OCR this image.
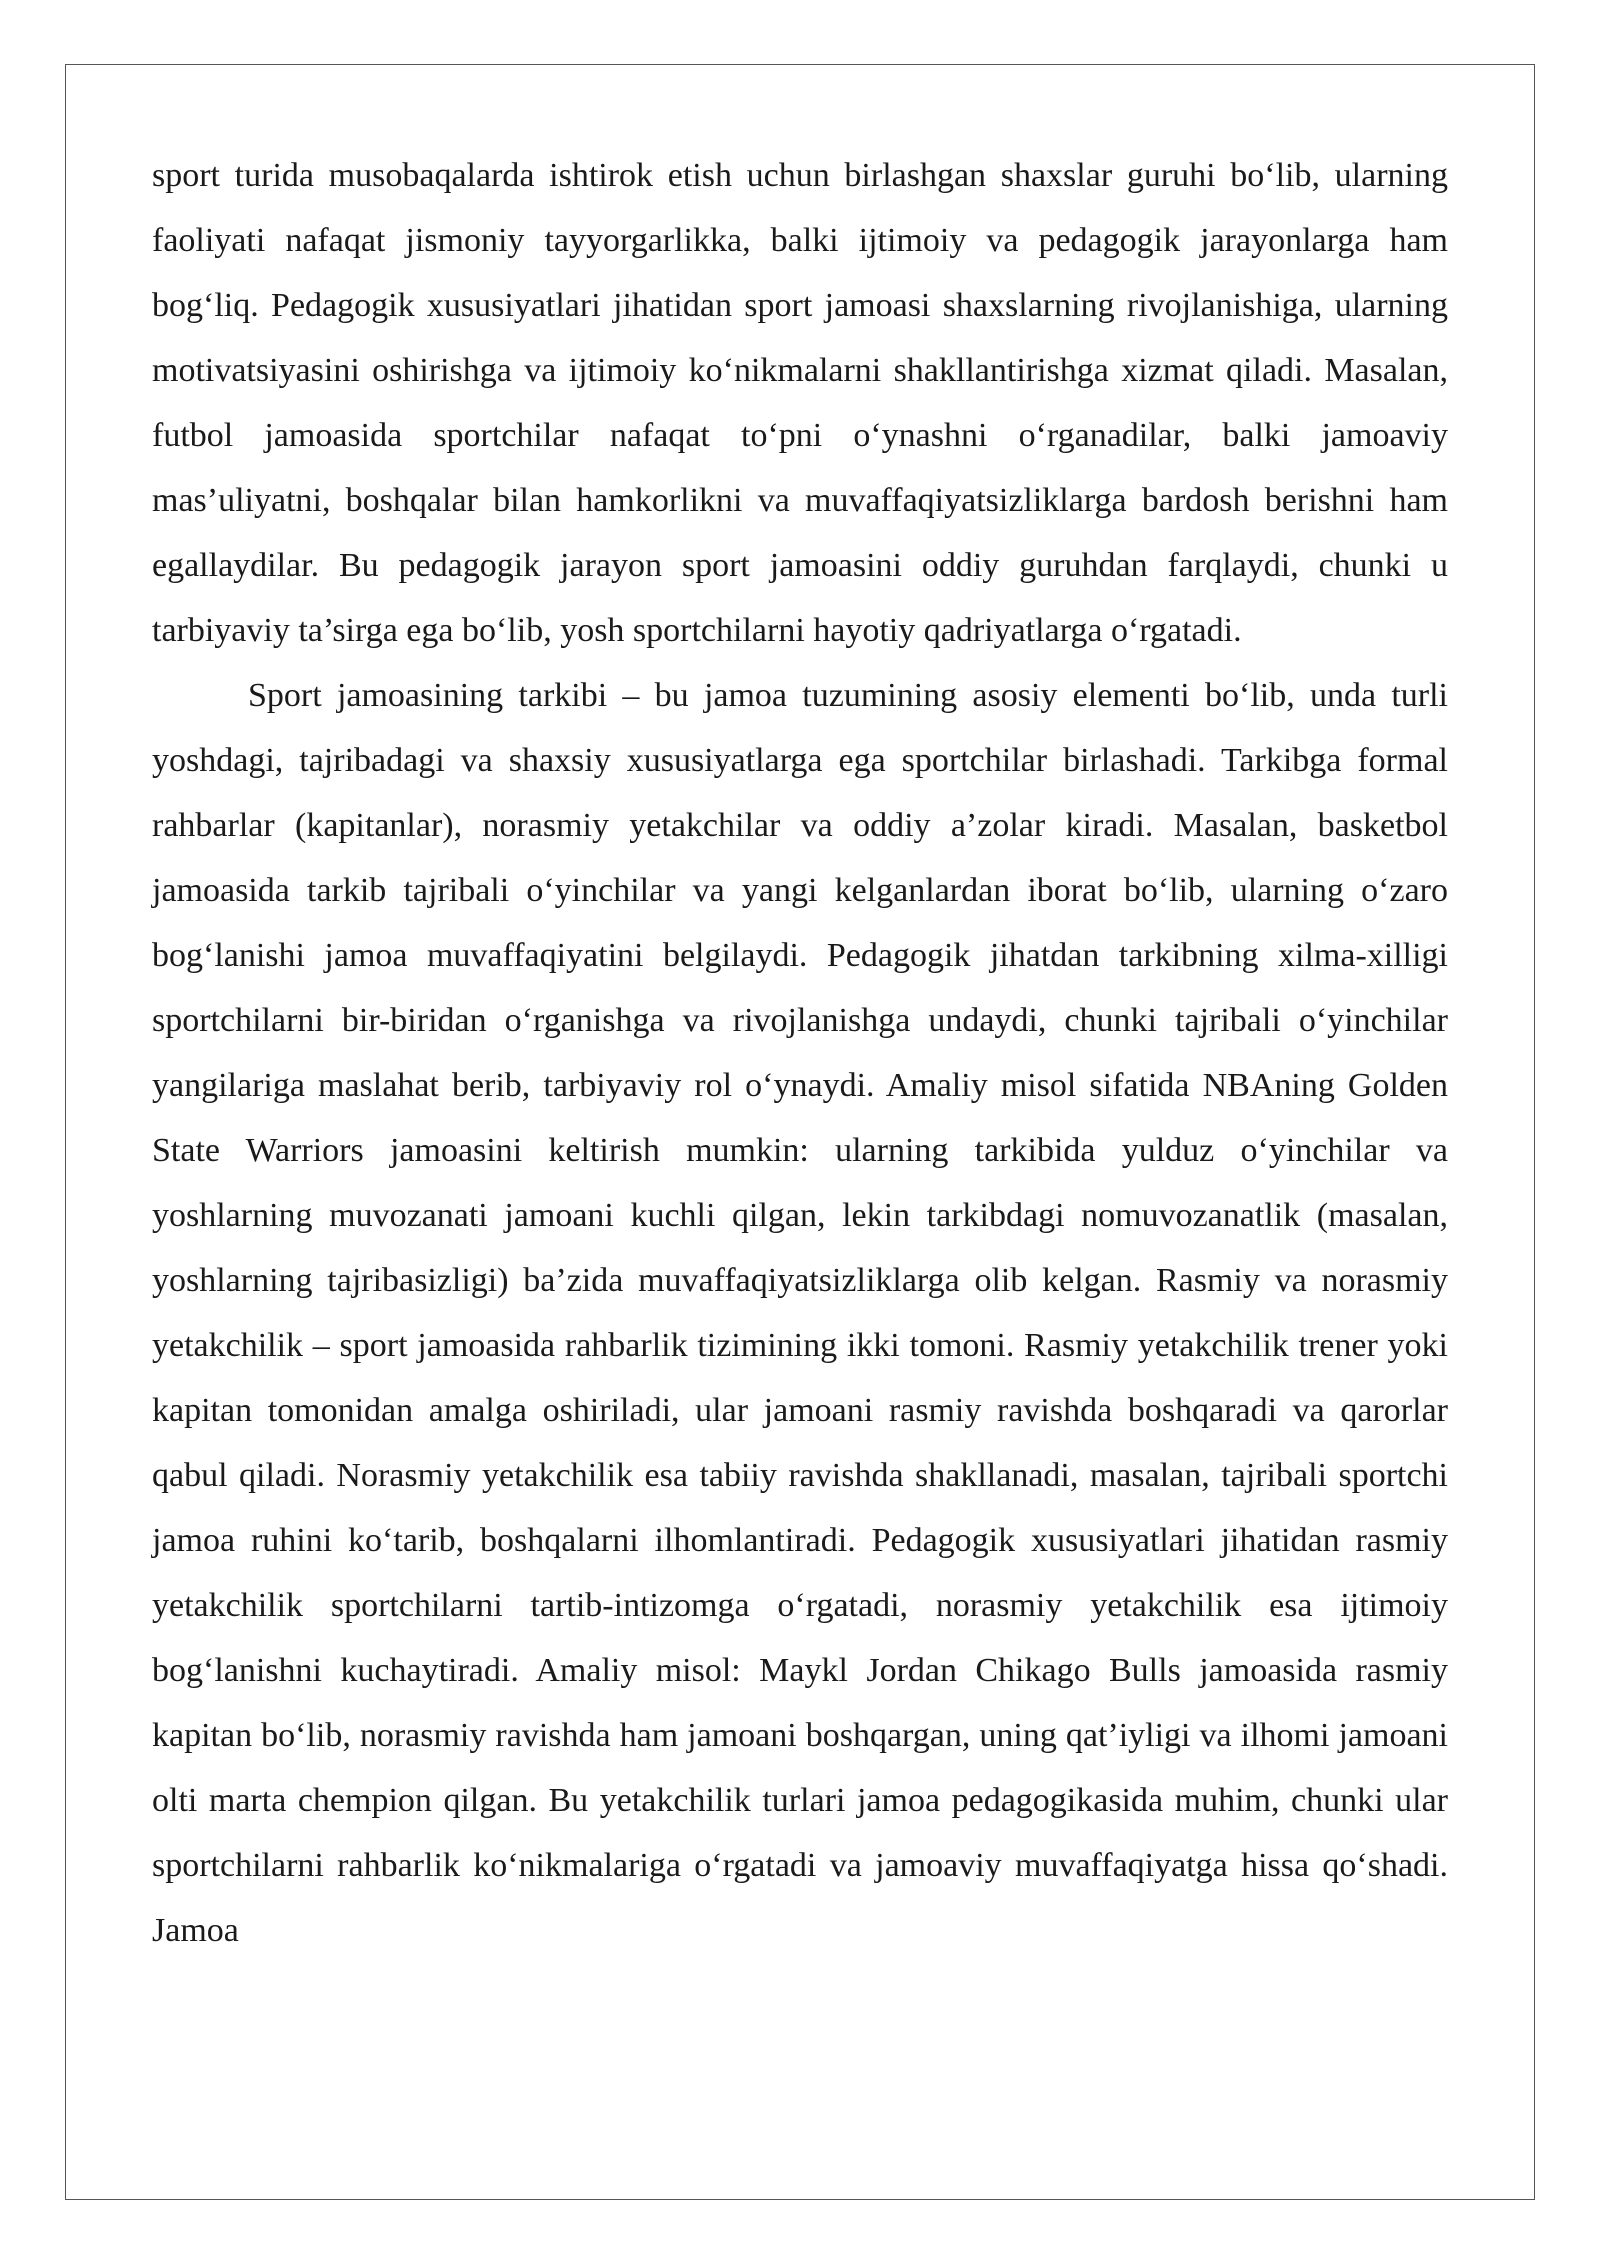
sport turida musobaqalarda ishtirok etish uchun birlashgan shaxslar guruhi bo‘lib, ularning faoliyati nafaqat jismoniy tayyorgarlikka, balki ijtimoiy va pedagogik jarayonlarga ham bog‘liq. Pedagogik xususiyatlari jihatidan sport jamoasi shaxslarning rivojlanishiga, ularning motivatsiyasini oshirishga va ijtimoiy ko‘nikmalarni shakllantirishga xizmat qiladi. Masalan, futbol jamoasida sportchilar nafaqat to‘pni o‘ynashni o‘rganadilar, balki jamoaviy mas’uliyatni, boshqalar bilan hamkorlikni va muvaffaqiyatsizliklarga bardosh berishni ham egallaydilar. Bu pedagogik jarayon sport jamoasini oddiy guruhdan farqlaydi, chunki u tarbiyaviy ta’sirga ega bo‘lib, yosh sportchilarni hayotiy qadriyatlarga o‘rgatadi.

Sport jamoasining tarkibi – bu jamoa tuzumining asosiy elementi bo‘lib, unda turli yoshdagi, tajribadagi va shaxsiy xususiyatlarga ega sportchilar birlashadi. Tarkibga formal rahbarlar (kapitanlar), norasmiy yetakchilar va oddiy a’zolar kiradi. Masalan, basketbol jamoasida tarkib tajribali o‘yinchilar va yangi kelganlardan iborat bo‘lib, ularning o‘zaro bog‘lanishi jamoa muvaffaqiyatini belgilaydi. Pedagogik jihatdan tarkibning xilma-xilligi sportchilarni bir-biridan o‘rganishga va rivojlanishga undaydi, chunki tajribali o‘yinchilar yangilariga maslahat berib, tarbiyaviy rol o‘ynaydi. Amaliy misol sifatida NBAning Golden State Warriors jamoasini keltirish mumkin: ularning tarkibida yulduz o‘yinchilar va yoshlarning muvozanati jamoani kuchli qilgan, lekin tarkibdagi nomuvozanatlik (masalan, yoshlarning tajribasizligi) ba’zida muvaffaqiyatsizliklarga olib kelgan. Rasmiy va norasmiy yetakchilik – sport jamoasida rahbarlik tizimining ikki tomoni. Rasmiy yetakchilik trener yoki kapitan tomonidan amalga oshiriladi, ular jamoani rasmiy ravishda boshqaradi va qarorlar qabul qiladi. Norasmiy yetakchilik esa tabiiy ravishda shakllanadi, masalan, tajribali sportchi jamoa ruhini ko‘tarib, boshqalarni ilhomlantiradi. Pedagogik xususiyatlari jihatidan rasmiy yetakchilik sportchilarni tartib-intizomga o‘rgatadi, norasmiy yetakchilik esa ijtimoiy bog‘lanishni kuchaytiradi. Amaliy misol: Maykl Jordan Chikago Bulls jamoasida rasmiy kapitan bo‘lib, norasmiy ravishda ham jamoani boshqargan, uning qat’iyligi va ilhomi jamoani olti marta chempion qilgan. Bu yetakchilik turlari jamoa pedagogikasida muhim, chunki ular sportchilarni rahbarlik ko‘nikmalariga o‘rgatadi va jamoaviy muvaffaqiyatga hissa qo‘shadi. Jamoa
